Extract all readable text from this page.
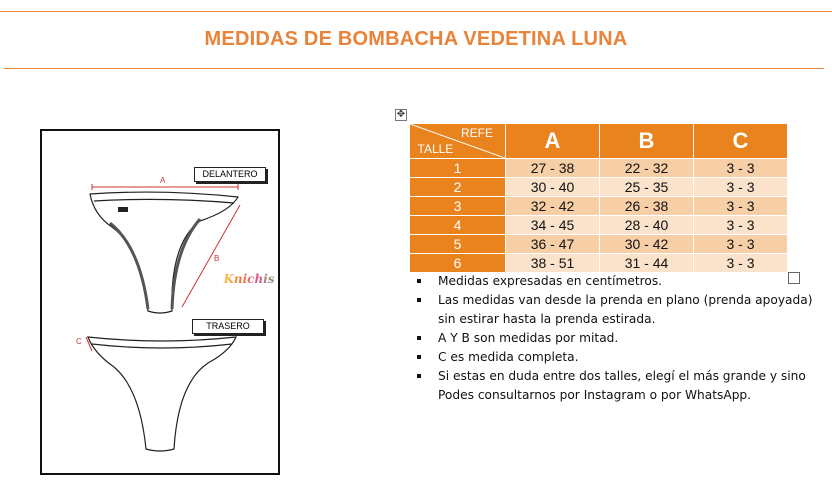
MEDIDAS DE BOMBACHA VEDETINA LUNA
A
B
C
DELANTERO
TRASERO
Knichis
✥
REFE
TALLE	A	B	C
1	27 - 38	22 - 32	3 - 3
2	30 - 40	25 - 35	3 - 3
3	32 - 42	26 - 38	3 - 3
4	34 - 45	28 - 40	3 - 3
5	36 - 47	30 - 42	3 - 3
6	38 - 51	31 - 44	3 - 3
Medidas expresadas en centímetros.
Las medidas van desde la prenda en plano (prenda apoyada) sin estirar hasta la prenda estirada.
A Y B son medidas por mitad.
C es medida completa.
Si estas en duda entre dos talles, elegí el más grande y sino Podes consultarnos por Instagram o por WhatsApp.
